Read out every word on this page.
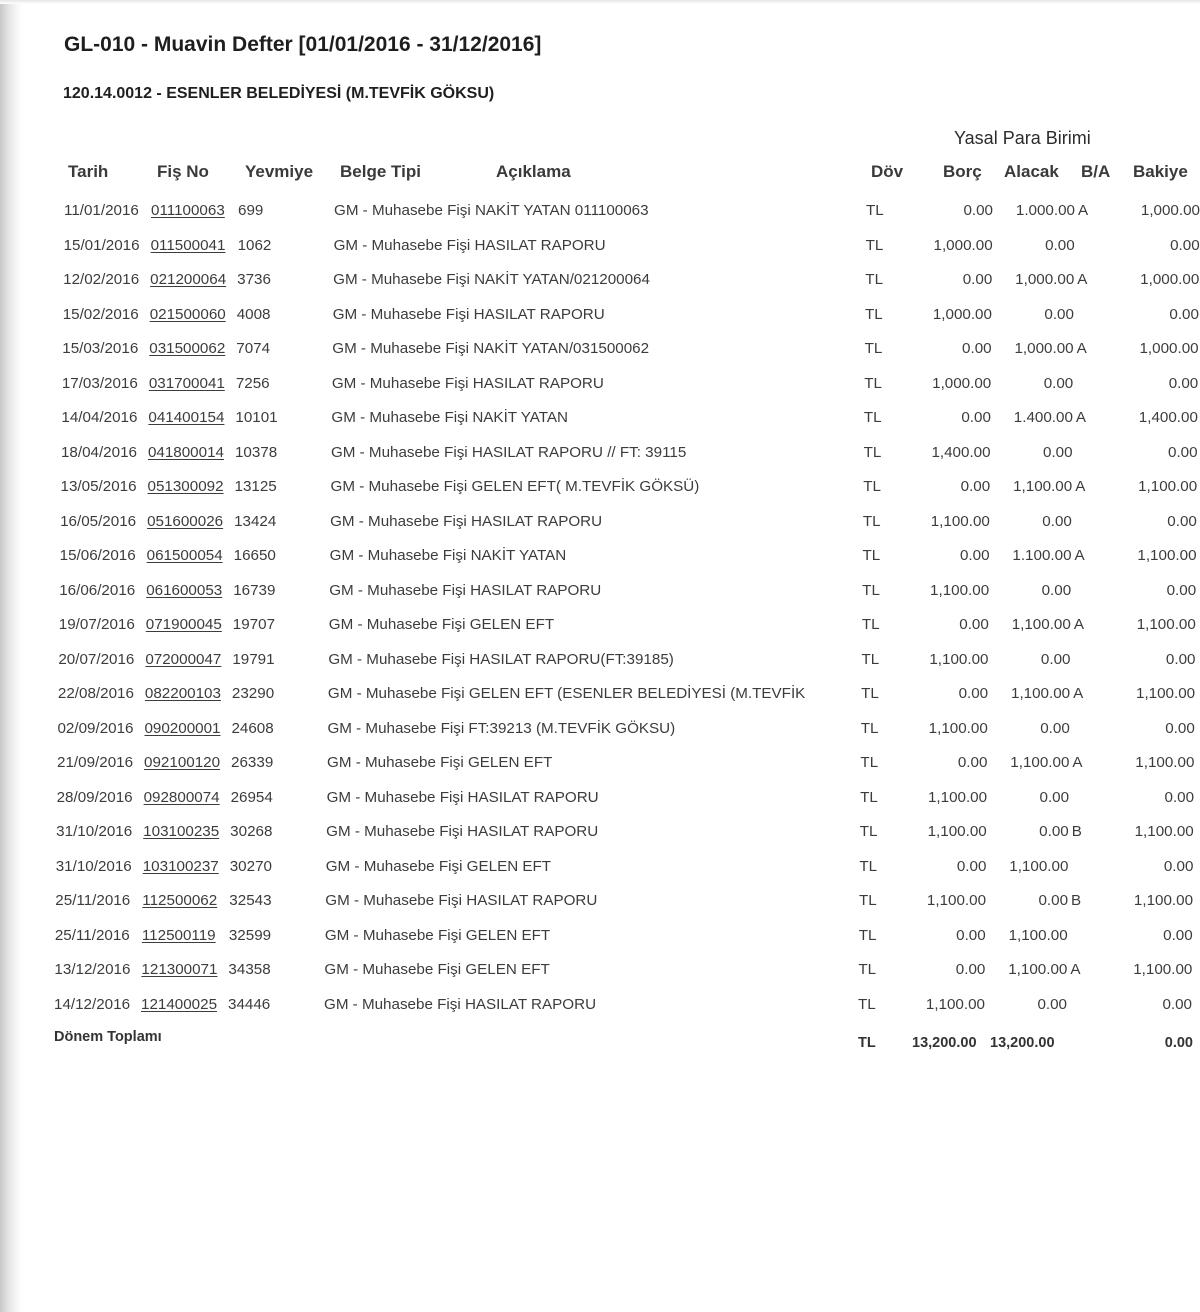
GL-010 - Muavin Defter [01/01/2016 - 31/12/2016]
120.14.0012 - ESENLER BELEDİYESİ (M.TEVFİK GÖKSU)
Yasal Para Birimi
Tarih	Fiş No Yevmiye Belge Tipi	Açıklama	Döv Borç Alacak B/A Bakiye
11/01/2016 011100063 699	GM - Muhasebe Fişi NAKİT YATAN 011100063	TL	0.00	1.000.00 A	1,000.00
15/01/2016 011500041 1062	GM - Muhasebe Fişi HASILAT RAPORU	TL	1,000.00	0.00	0.00
12/02/2016 021200064 3736	GM - Muhasebe Fişi NAKİT YATAN/021200064	TL	0.00	1,000.00 A	1,000.00
15/02/2016 021500060 4008	GM - Muhasebe Fişi HASILAT RAPORU	TL	1,000.00	0.00	0.00
15/03/2016 031500062 7074	GM - Muhasebe Fişi NAKİT YATAN/031500062	TL	0.00	1,000.00 A	1,000.00
17/03/2016 031700041 7256	GM - Muhasebe Fişi HASILAT RAPORU	TL	1,000.00	0.00	0.00
14/04/2016 041400154 10101	GM - Muhasebe Fişi NAKİT YATAN	TL	0.00	1.400.00 A	1,400.00
18/04/2016 041800014 10378	GM - Muhasebe Fişi HASILAT RAPORU // FT: 39115	TL	1,400.00	0.00	0.00
13/05/2016 051300092 13125	GM - Muhasebe Fişi GELEN EFT( M.TEVFİK GÖKSÜ)	TL	0.00	1,100.00 A	1,100.00
16/05/2016 051600026 13424	GM - Muhasebe Fişi HASILAT RAPORU	TL	1,100.00	0.00	0.00
15/06/2016 061500054 16650	GM - Muhasebe Fişi NAKİT YATAN	TL	0.00	1.100.00 A	1,100.00
16/06/2016 061600053 16739	GM - Muhasebe Fişi HASILAT RAPORU	TL	1,100.00	0.00	0.00
19/07/2016 071900045 19707	GM - Muhasebe Fişi GELEN EFT	TL	0.00	1,100.00 A	1,100.00
20/07/2016 072000047 19791	GM - Muhasebe Fişi HASILAT RAPORU(FT:39185)	TL	1,100.00	0.00	0.00
22/08/2016 082200103 23290	GM - Muhasebe Fişi GELEN EFT (ESENLER BELEDİYESİ (M.TEVFİK	TL	0.00	1,100.00 A	1,100.00
02/09/2016 090200001 24608	GM - Muhasebe Fişi FT:39213 (M.TEVFİK GÖKSU)	TL	1,100.00	0.00	0.00
21/09/2016 092100120 26339	GM - Muhasebe Fişi GELEN EFT	TL	0.00	1,100.00 A	1,100.00
28/09/2016 092800074 26954	GM - Muhasebe Fişi HASILAT RAPORU	TL	1,100.00	0.00	0.00
31/10/2016 103100235 30268	GM - Muhasebe Fişi HASILAT RAPORU	TL	1,100.00	0.00 B	1,100.00
31/10/2016 103100237 30270	GM - Muhasebe Fişi GELEN EFT	TL	0.00	1,100.00	0.00
25/11/2016 112500062 32543	GM - Muhasebe Fişi HASILAT RAPORU	TL	1,100.00	0.00 B	1,100.00
25/11/2016 112500119 32599	GM - Muhasebe Fişi GELEN EFT	TL	0.00	1,100.00	0.00
13/12/2016 121300071 34358	GM - Muhasebe Fişi GELEN EFT	TL	0.00	1,100.00 A	1,100.00
14/12/2016 121400025 34446	GM - Muhasebe Fişi HASILAT RAPORU	TL	1,100.00	0.00	0.00
Dönem Toplamı	TL	13,200.00 13,200.00	0.00
